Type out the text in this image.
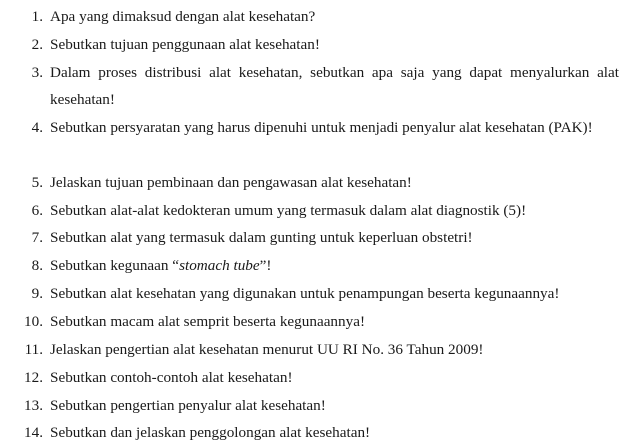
1. Apa yang dimaksud dengan alat kesehatan?
2. Sebutkan tujuan penggunaan alat kesehatan!
3. Dalam proses distribusi alat kesehatan, sebutkan apa saja yang dapat menyalurkan alat kesehatan!
4. Sebutkan persyaratan yang harus dipenuhi untuk menjadi penyalur alat kesehatan (PAK)!
5. Jelaskan tujuan pembinaan dan pengawasan alat kesehatan!
6. Sebutkan alat-alat kedokteran umum yang termasuk dalam alat diagnostik (5)!
7. Sebutkan alat yang termasuk dalam gunting untuk keperluan obstetri!
8. Sebutkan kegunaan “stomach tube”!
9. Sebutkan alat kesehatan yang digunakan untuk penampungan beserta kegunaannya!
10. Sebutkan macam alat semprit beserta kegunaannya!
11. Jelaskan pengertian alat kesehatan menurut UU RI No. 36 Tahun 2009!
12. Sebutkan contoh-contoh alat kesehatan!
13. Sebutkan pengertian penyalur alat kesehatan!
14. Sebutkan dan jelaskan penggolongan alat kesehatan!
